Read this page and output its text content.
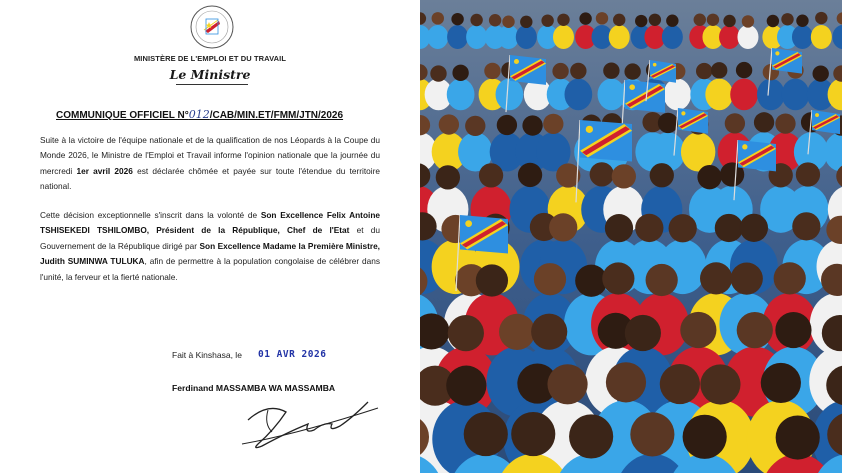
MINISTÈRE DE L'EMPLOI ET DU TRAVAIL
Le Ministre
COMMUNIQUE OFFICIEL N°012/CAB/MIN.ET/FMM/JTN/2026
Suite à la victoire de l'équipe nationale et de la qualification de nos Léopards à la Coupe du Monde 2026, le Ministre de l'Emploi et Travail informe l'opinion nationale que la journée du mercredi 1er avril 2026 est déclarée chômée et payée sur toute l'étendue du territoire national.
Cette décision exceptionnelle s'inscrit dans la volonté de Son Excellence Felix Antoine TSHISEKEDI TSHILOMBO, Président de la République, Chef de l'Etat et du Gouvernement de la République dirigé par Son Excellence Madame la Première Ministre, Judith SUMINWA TULUKA, afin de permettre à la population congolaise de célébrer dans l'unité, la ferveur et la fierté nationale.
Fait à Kinshasa, le 01 AVR 2026
Ferdinand MASSAMBA WA MASSAMBA
